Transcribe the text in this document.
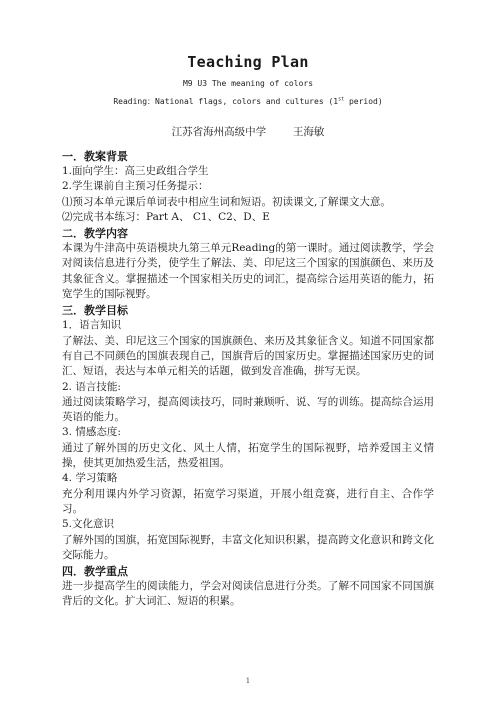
Teaching Plan
M9 U3 The meaning of colors
Reading：National flags, colors and cultures (1st period)
江苏省海州高级中学        王海敏
一．教案背景
1.面向学生：高三史政组合学生
2.学生课前自主预习任务提示：
⑴预习本单元课后单词表中相应生词和短语。初读课文,了解课文大意。
⑵完成书本练习：Part A、 C1、C2、D、E
二．教学内容
本课为牛津高中英语模块九第三单元Reading的第一课时。通过阅读教学，学会对阅读信息进行分类，使学生了解法、美、印尼这三个国家的国旗颜色、来历及其象征含义。掌握描述一个国家相关历史的词汇，提高综合运用英语的能力，拓宽学生的国际视野。
三．教学目标
1．语言知识
了解法、美、印尼这三个国家的国旗颜色、来历及其象征含义。知道不同国家都有自己不同颜色的国旗表现自己，国旗背后的国家历史。掌握描述国家历史的词汇、短语，表达与本单元相关的话题，做到发音准确，拼写无误。
2. 语言技能:
通过阅读策略学习，提高阅读技巧，同时兼顾听、说、写的训练。提高综合运用英语的能力。
3. 情感态度:
通过了解外国的历史文化、风土人情，拓宽学生的国际视野，培养爱国主义情操，使其更加热爱生活，热爱祖国。
4. 学习策略
充分利用课内外学习资源，拓宽学习渠道，开展小组竞赛，进行自主、合作学习。
5.文化意识
了解外国的国旗，拓宽国际视野，丰富文化知识积累，提高跨文化意识和跨文化交际能力。
四．教学重点
进一步提高学生的阅读能力，学会对阅读信息进行分类。了解不同国家不同国旗背后的文化。扩大词汇、短语的积累。
1
